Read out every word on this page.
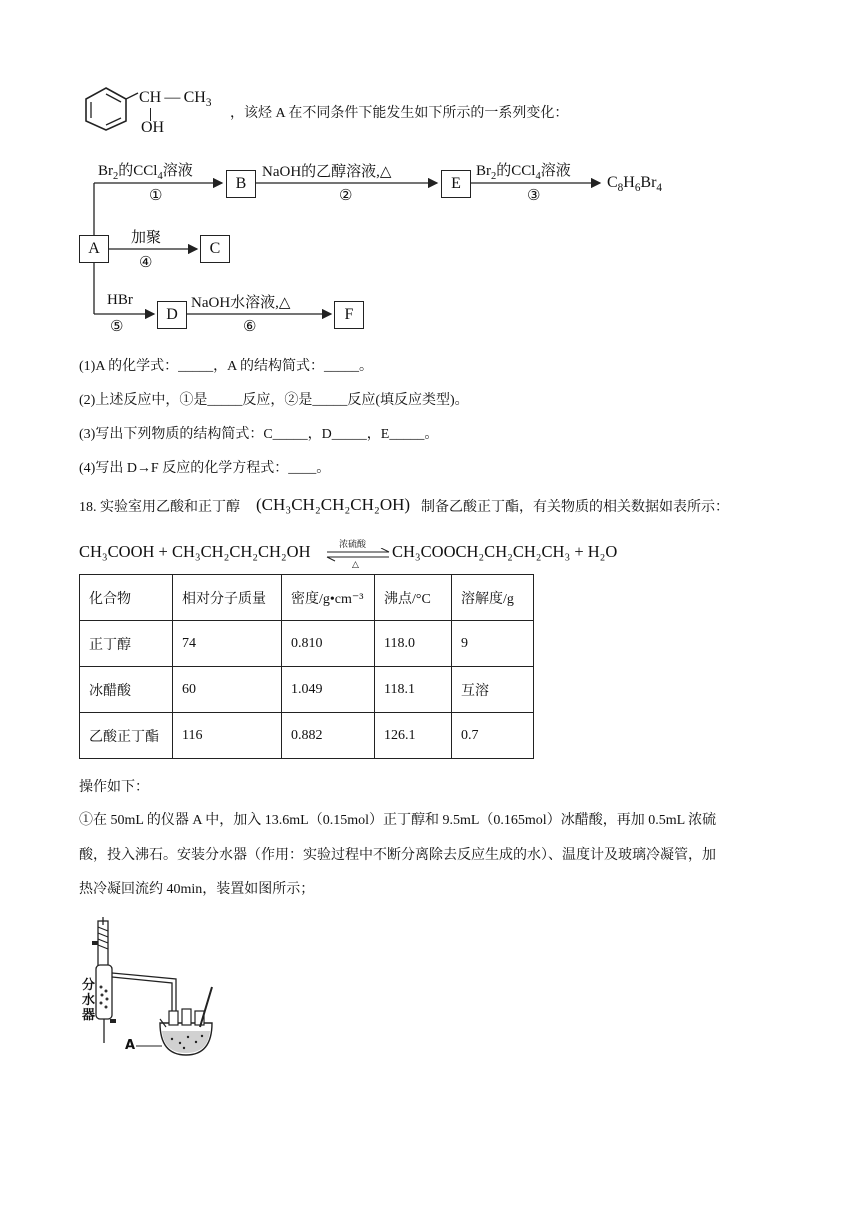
CH — $CH_3$
OH
，该烃 A 在不同条件下能发生如下所示的一系列变化：
A
B
C
D
E
F
$Br_2$的CCl$_4$溶液
①
NaOH的乙醇溶液,△
②
$Br_2$的CCl$_4$溶液
③
$C_8H_6Br_4$
加聚
④
HBr
⑤
NaOH水溶液,△
⑥
(1)A 的化学式：_____，A 的结构简式：_____。
(2)上述反应中，①是_____反应，②是_____反应(填反应类型)。
(3)写出下列物质的结构简式：C_____，D_____，E_____。
(4)写出 D→F 反应的化学方程式：____。
18. 实验室用乙酸和正丁醇 (CH₃CH₂CH₂CH₂OH) 制备乙酸正丁酯，有关物质的相关数据如表所示：
CH₃COOH + CH₃CH₂CH₂CH₂OH	浓硫酸
△
CH₃COOCH₂CH₂CH₂CH₃ + H₂O
化合物	相对分子质量	密度/g•cm⁻³	沸点/°C	溶解度/g
正丁醇	74	0.810	118.0	9
冰醋酸	60	1.049	118.1	互溶
乙酸正丁酯	116	0.882	126.1	0.7
操作如下：
①在 50mL 的仪器 A 中，加入 13.6mL（0.15mol）正丁醇和 9.5mL（0.165mol）冰醋酸，再加 0.5mL 浓硫
酸，投入沸石。安装分水器（作用：实验过程中不断分离除去反应生成的水）、温度计及玻璃冷凝管，加
热冷凝回流约 40min，装置如图所示；
分水器
A
